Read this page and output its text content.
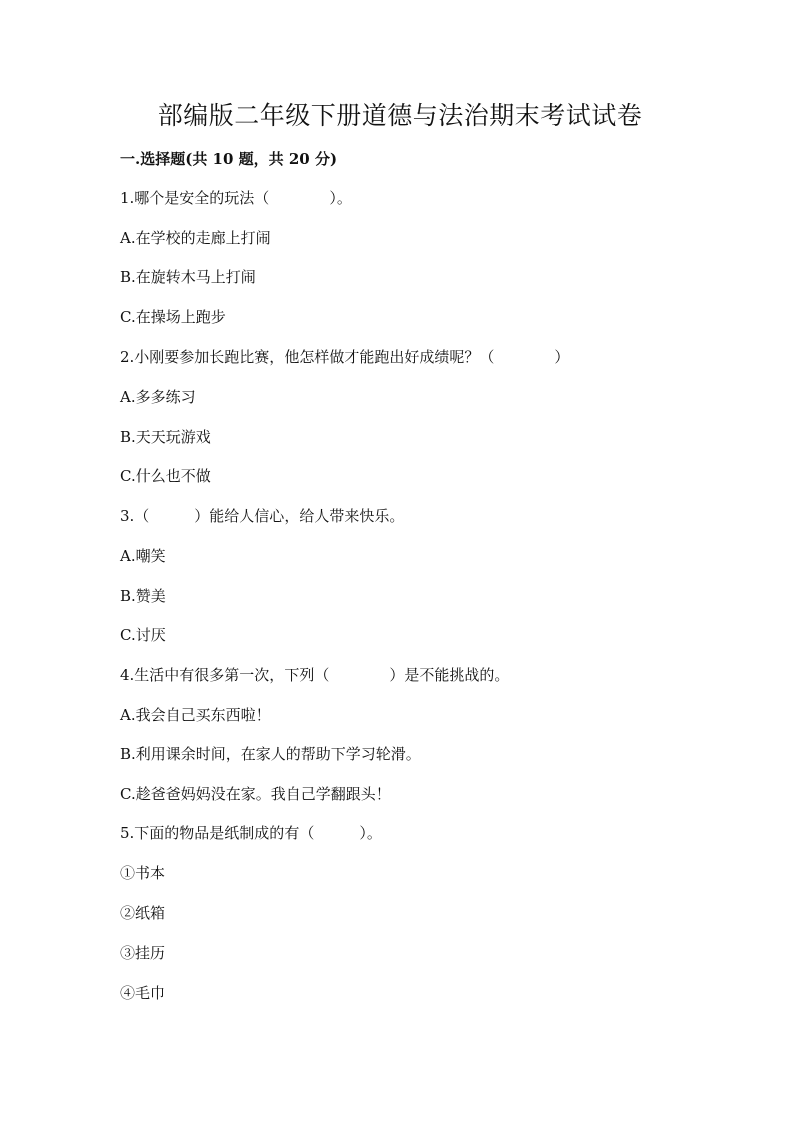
部编版二年级下册道德与法治期末考试试卷
一.选择题(共 10 题，共 20 分)
1.哪个是安全的玩法（　　　　）。
A.在学校的走廊上打闹
B.在旋转木马上打闹
C.在操场上跑步
2.小刚要参加长跑比赛，他怎样做才能跑出好成绩呢？（　　　　）
A.多多练习
B.天天玩游戏
C.什么也不做
3.（　　　）能给人信心，给人带来快乐。
A.嘲笑
B.赞美
C.讨厌
4.生活中有很多第一次，下列（　　　　）是不能挑战的。
A.我会自己买东西啦！
B.利用课余时间，在家人的帮助下学习轮滑。
C.趁爸爸妈妈没在家。我自己学翻跟头！
5.下面的物品是纸制成的有（　　　）。
①书本
②纸箱
③挂历
④毛巾
